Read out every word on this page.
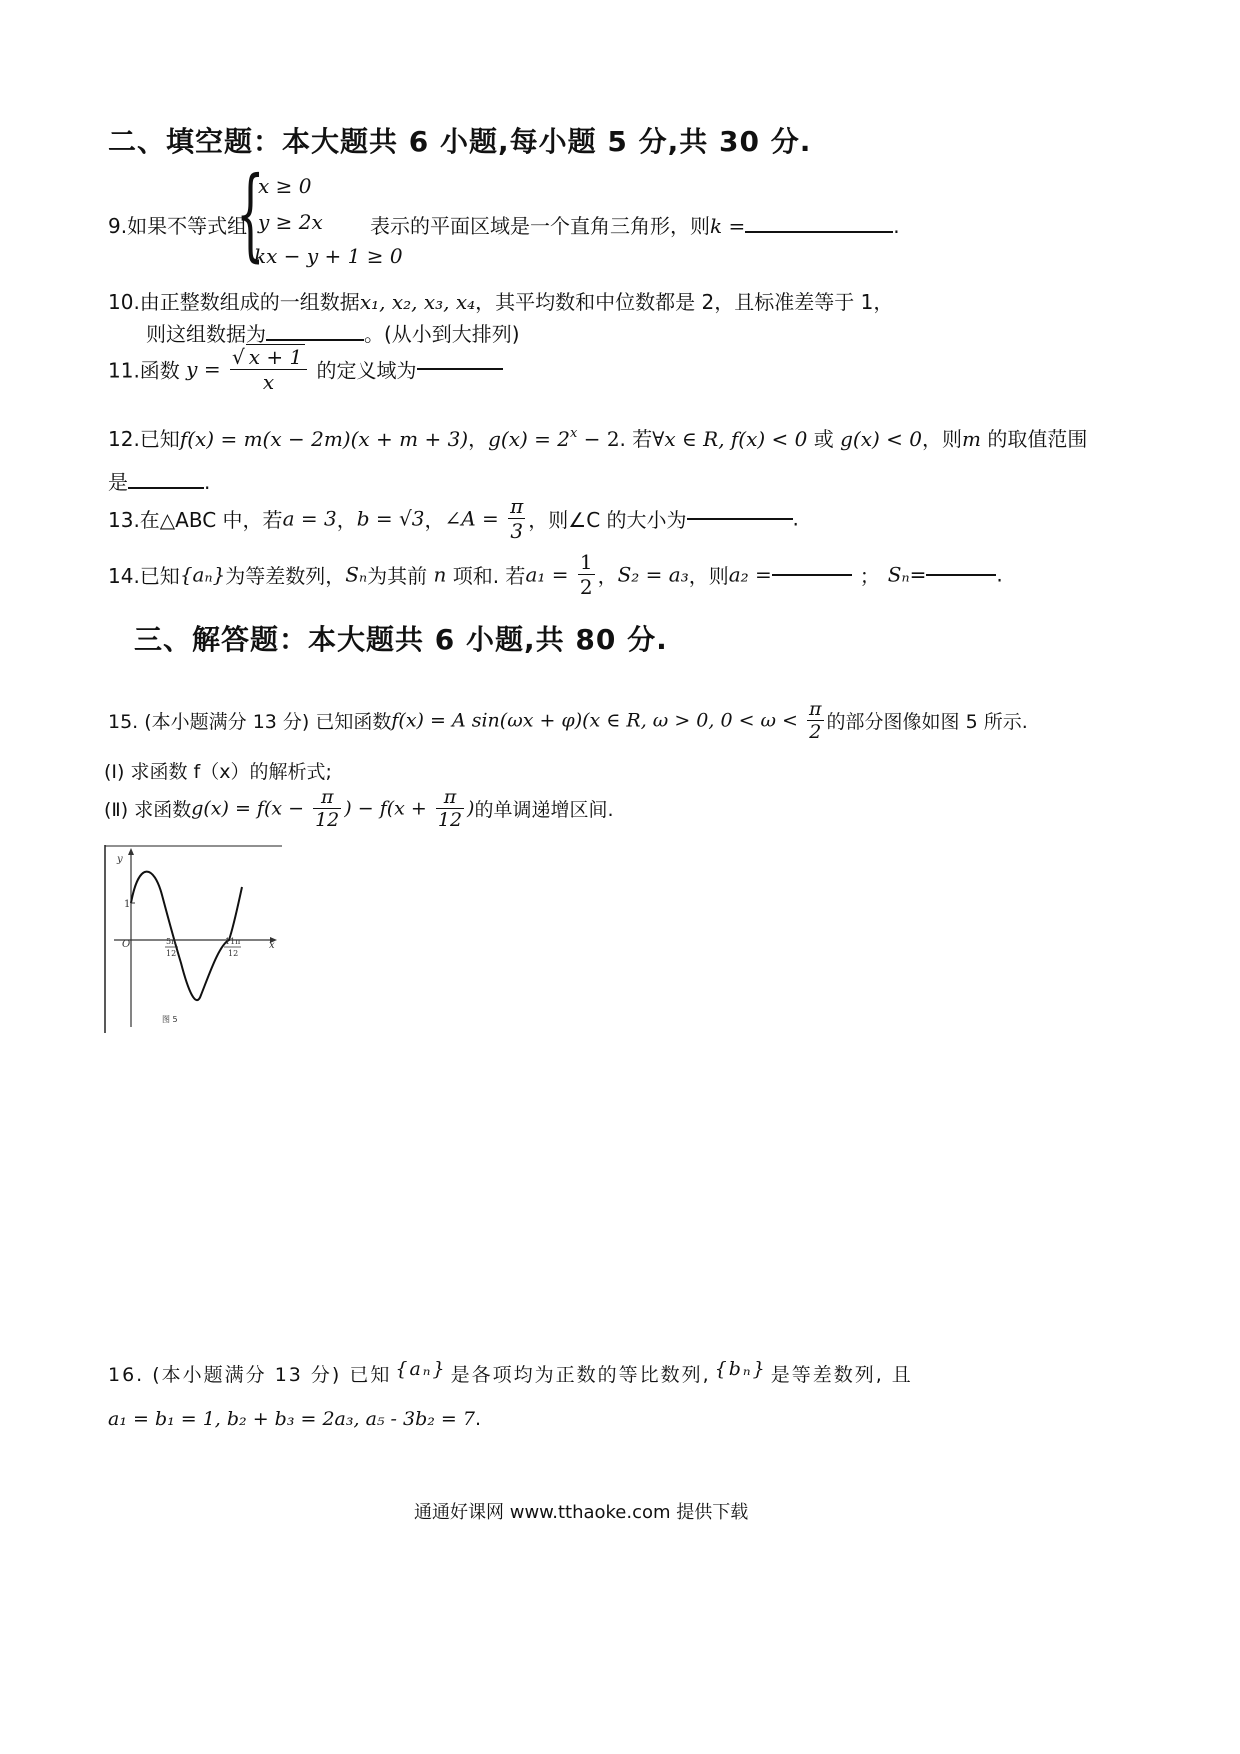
二、填空题：本大题共 6 小题,每小题 5 分,共 30 分.
9.如果不等式组
{
x ≥ 0
y ≥ 2x
kx − y + 1 ≥ 0
表示的平面区域是一个直角三角形，则k =	.
10.由正整数组成的一组数据x₁, x₂, x₃, x₄，其平均数和中位数都是 2，且标准差等于 1，
则这组数据为	。(从小到大排列)
11.函数 $y = \frac{√ x + 1}{x}$ 的定义域为
12.已知f(x) = m(x − 2m)(x + m + 3)，$g(x) = 2^x - 2$. 若∀x ∈ R, f(x) < 0 或 g(x) < 0，则m 的取值范围
是	.
13.在△ABC 中，若a = 3，b = √3，∠A = $\frac{\pi}{3}$ ，则∠C 的大小为	.
14.已知{aₙ}为等差数列，Sₙ为其前 n 项和. 若$a_1 = \frac{1}{2}$ ，S₂ = a₃，则a₂ =	； Sₙ=	.
三、解答题：本大题共 6 小题,共 80 分.
15. (本小题满分 13 分) 已知函数f(x) = A sin(ωx + φ)(x ∈ R, ω > 0, $0 < \omega < \frac{\pi}{2}$ 的部分图像如图 5 所示.
(Ⅰ) 求函数 f（x）的解析式;
(Ⅱ) 求函数$g(x) = f(x - \frac{\pi}{12}$ ) − $f(x + \frac{\pi}{12}$ )的单调递增区间.
y
x
O
1
5π
12
11π
12
图 5
16. (本小题满分 13 分) 已知 {aₙ} 是各项均为正数的等比数列, {bₙ} 是等差数列, 且
a₁ = b₁ = 1, b₂ + b₃ = 2a₃, a₅ - 3b₂ = 7.
通通好课网 www.tthaoke.com 提供下载
